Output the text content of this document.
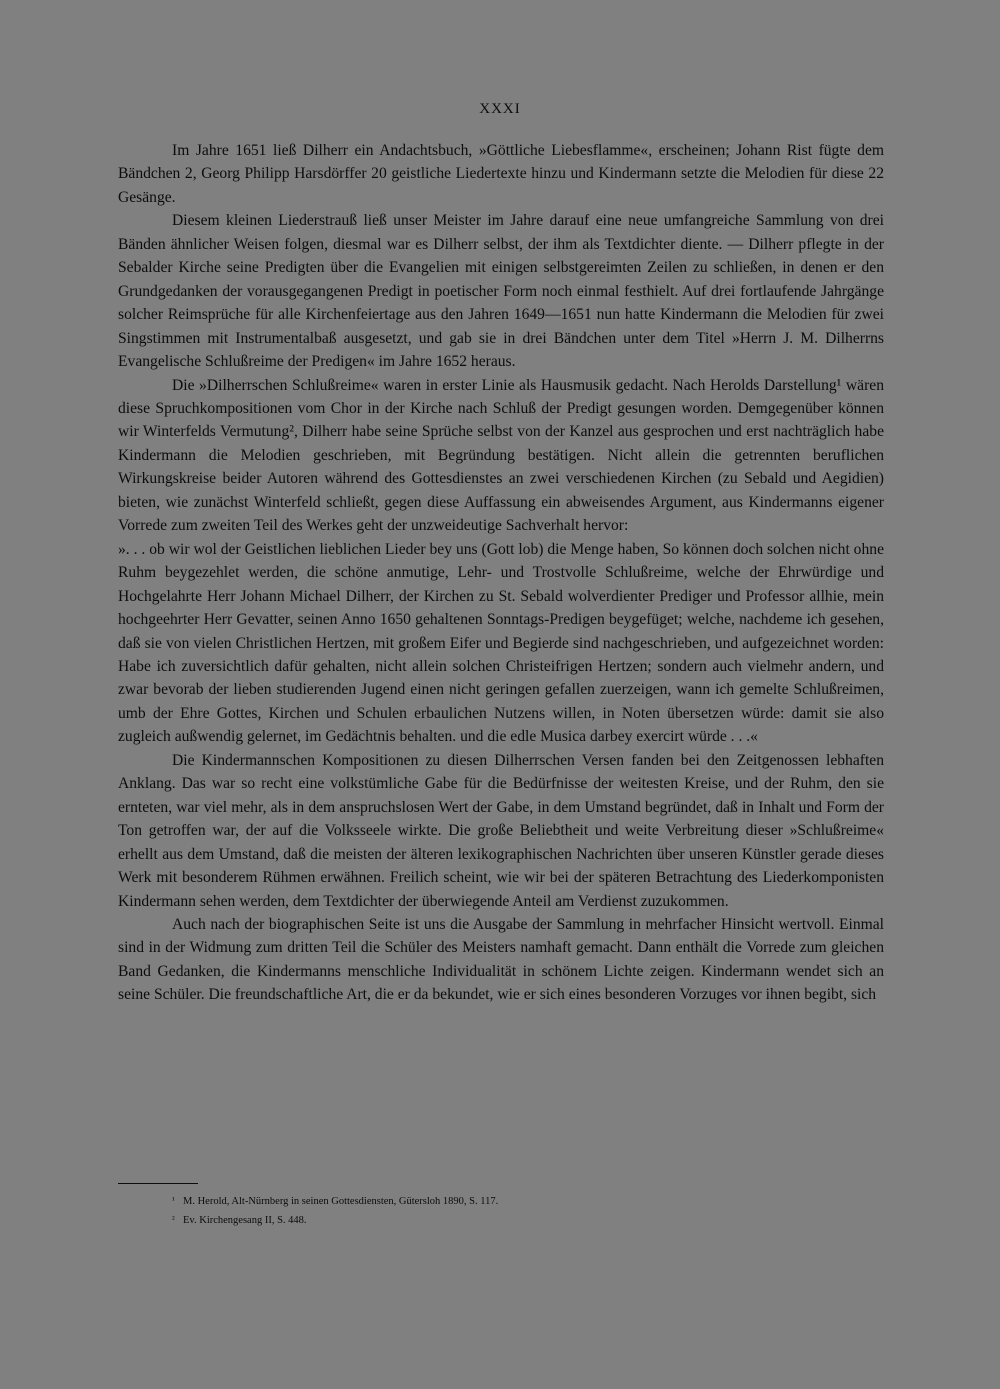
XXXI

Im Jahre 1651 ließ Dilherr ein Andachtsbuch, »Göttliche Liebesflamme«, erscheinen; Johann Rist fügte dem Bändchen 2, Georg Philipp Harsdörffer 20 geistliche Liedertexte hinzu und Kindermann setzte die Melodien für diese 22 Gesänge.

Diesem kleinen Liederstrauß ließ unser Meister im Jahre darauf eine neue umfangreiche Sammlung von drei Bänden ähnlicher Weisen folgen, diesmal war es Dilherr selbst, der ihm als Textdichter diente. — Dilherr pflegte in der Sebalder Kirche seine Predigten über die Evangelien mit einigen selbstgereimten Zeilen zu schließen, in denen er den Grundgedanken der vorausgegangenen Predigt in poetischer Form noch einmal festhielt. Auf drei fortlaufende Jahrgänge solcher Reimsprüche für alle Kirchenfeiertage aus den Jahren 1649—1651 nun hatte Kindermann die Melodien für zwei Singstimmen mit Instrumentalbaß ausgesetzt, und gab sie in drei Bändchen unter dem Titel »Herrn J. M. Dilherrns Evangelische Schlußreime der Predigen« im Jahre 1652 heraus.

Die »Dilherrschen Schlußreime« waren in erster Linie als Hausmusik gedacht. Nach Herolds Darstellung¹ wären diese Spruchkompositionen vom Chor in der Kirche nach Schluß der Predigt gesungen worden. Demgegenüber können wir Winterfelds Vermutung², Dilherr habe seine Sprüche selbst von der Kanzel aus gesprochen und erst nachträglich habe Kindermann die Melodien geschrieben, mit Begründung bestätigen. Nicht allein die getrennten beruflichen Wirkungskreise beider Autoren während des Gottesdienstes an zwei verschiedenen Kirchen (zu Sebald und Aegidien) bieten, wie zunächst Winterfeld schließt, gegen diese Auffassung ein abweisendes Argument, aus Kindermanns eigener Vorrede zum zweiten Teil des Werkes geht der unzweideutige Sachverhalt hervor:

». . . ob wir wol der Geistlichen lieblichen Lieder bey uns (Gott lob) die Menge haben, So können doch solchen nicht ohne Ruhm beygezehlet werden, die schöne anmutige, Lehr- und Trostvolle Schlußreime, welche der Ehrwürdige und Hochgelahrte Herr Johann Michael Dilherr, der Kirchen zu St. Sebald wolverdienter Prediger und Professor allhie, mein hochgeehrter Herr Gevatter, seinen Anno 1650 gehaltenen Sonntags-Predigen beygefüget; welche, nachdeme ich gesehen, daß sie von vielen Christlichen Hertzen, mit großem Eifer und Begierde sind nachgeschrieben, und aufgezeichnet worden: Habe ich zuversichtlich dafür gehalten, nicht allein solchen Christeifrigen Hertzen; sondern auch vielmehr andern, und zwar bevorab der lieben studierenden Jugend einen nicht geringen gefallen zuerzeigen, wann ich gemelte Schlußreimen, umb der Ehre Gottes, Kirchen und Schulen erbaulichen Nutzens willen, in Noten übersetzen würde: damit sie also zugleich außwendig gelernet, im Gedächtnis behalten. und die edle Musica darbey exercirt würde . . .«

Die Kindermannschen Kompositionen zu diesen Dilherrschen Versen fanden bei den Zeitgenossen lebhaften Anklang. Das war so recht eine volkstümliche Gabe für die Bedürfnisse der weitesten Kreise, und der Ruhm, den sie ernteten, war viel mehr, als in dem anspruchslosen Wert der Gabe, in dem Umstand begründet, daß in Inhalt und Form der Ton getroffen war, der auf die Volksseele wirkte. Die große Beliebtheit und weite Verbreitung dieser »Schlußreime« erhellt aus dem Umstand, daß die meisten der älteren lexikographischen Nachrichten über unseren Künstler gerade dieses Werk mit besonderem Rühmen erwähnen. Freilich scheint, wie wir bei der späteren Betrachtung des Liederkomponisten Kindermann sehen werden, dem Textdichter der überwiegende Anteil am Verdienst zuzukommen.

Auch nach der biographischen Seite ist uns die Ausgabe der Sammlung in mehrfacher Hinsicht wertvoll. Einmal sind in der Widmung zum dritten Teil die Schüler des Meisters namhaft gemacht. Dann enthält die Vorrede zum gleichen Band Gedanken, die Kindermanns menschliche Individualität in schönem Lichte zeigen. Kindermann wendet sich an seine Schüler. Die freundschaftliche Art, die er da bekundet, wie er sich eines besonderen Vorzuges vor ihnen begibt, sich

¹ M. Herold, Alt-Nürnberg in seinen Gottesdiensten, Gütersloh 1890, S. 117.

² Ev. Kirchengesang II, S. 448.
